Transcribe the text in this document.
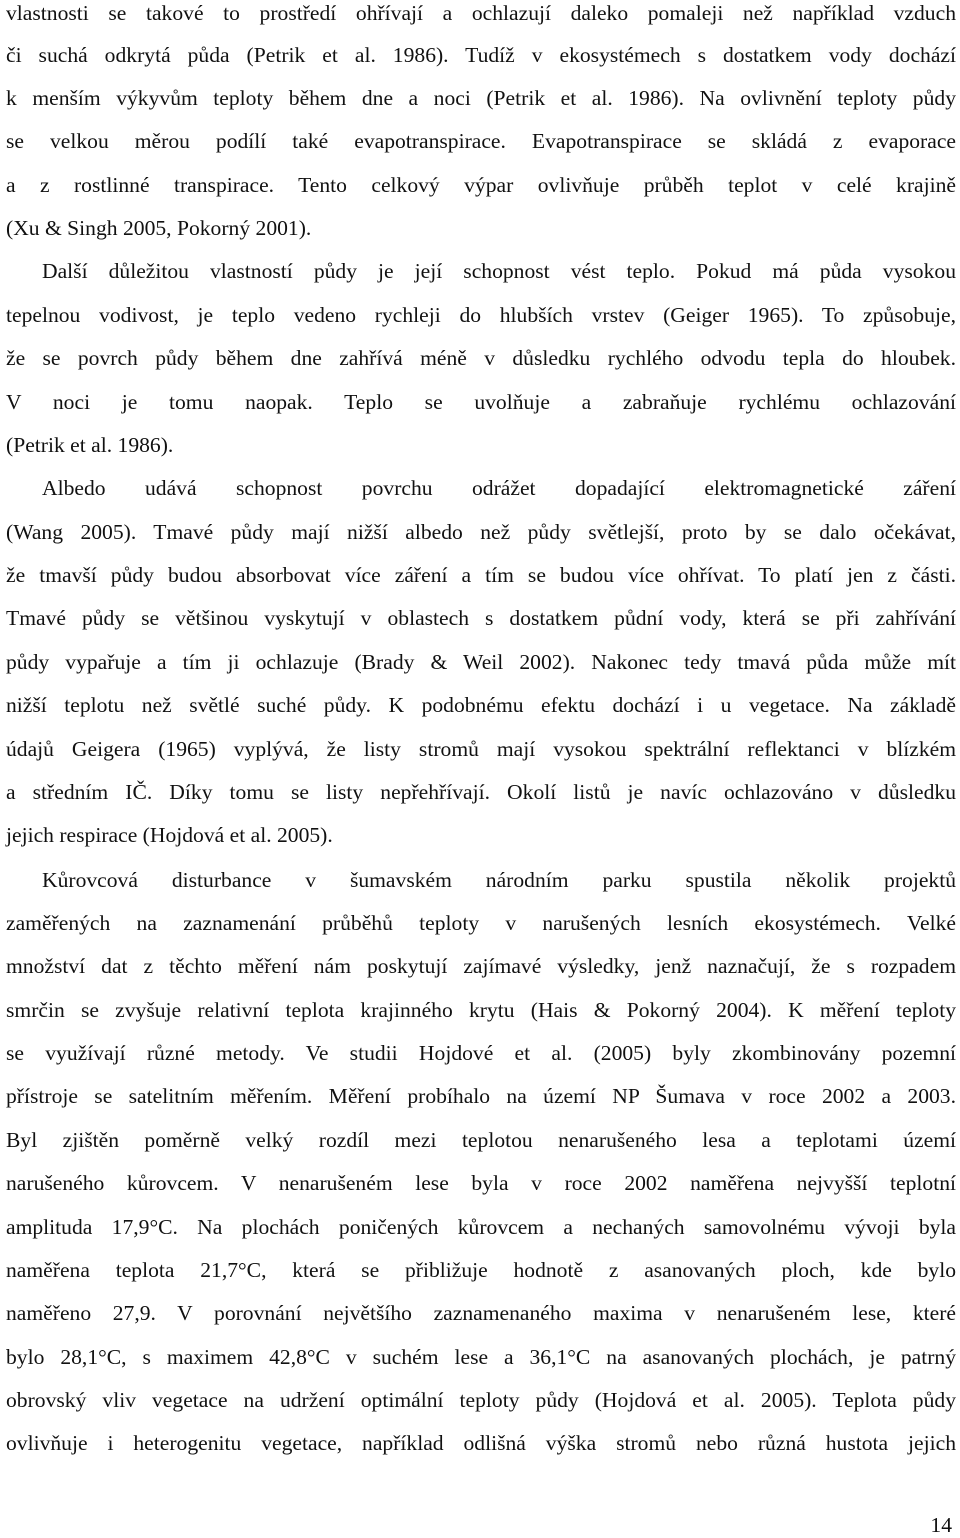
vlastnosti se takové to prostředí ohřívají a ochlazují daleko pomaleji než například vzduch
či suchá odkrytá půda (Petrik et al. 1986). Tudíž v ekosystémech s dostatkem vody dochází
k menším výkyvům teploty během dne a noci (Petrik et al. 1986). Na ovlivnění teploty půdy
se velkou měrou podílí také evapotranspirace. Evapotranspirace se skládá z evaporace
a z rostlinné transpirace. Tento celkový výpar ovlivňuje průběh teplot v celé krajině
(Xu & Singh 2005, Pokorný 2001).
Další důležitou vlastností půdy je její schopnost vést teplo. Pokud má půda vysokou
tepelnou vodivost, je teplo vedeno rychleji do hlubších vrstev (Geiger 1965). To způsobuje,
že se povrch půdy během dne zahřívá méně v důsledku rychlého odvodu tepla do hloubek.
V noci je tomu naopak. Teplo se uvolňuje a zabraňuje rychlému ochlazování
(Petrik et al. 1986).
Albedo udává schopnost povrchu odrážet dopadající elektromagnetické záření
(Wang 2005). Tmavé půdy mají nižší albedo než půdy světlejší, proto by se dalo očekávat,
že tmavší půdy budou absorbovat více záření a tím se budou více ohřívat. To platí jen z části.
Tmavé půdy se většinou vyskytují v oblastech s dostatkem půdní vody, která se při zahřívání
půdy vypařuje a tím ji ochlazuje (Brady & Weil 2002). Nakonec tedy tmavá půda může mít
nižší teplotu než světlé suché půdy. K podobnému efektu dochází i u vegetace. Na základě
údajů Geigera (1965) vyplývá, že listy stromů mají vysokou spektrální reflektanci v blízkém
a středním IČ. Díky tomu se listy nepřehřívají. Okolí listů je navíc ochlazováno v důsledku
jejich respirace (Hojdová et al. 2005).
Kůrovcová disturbance v šumavském národním parku spustila několik projektů
zaměřených na zaznamenání průběhů teploty v narušených lesních ekosystémech. Velké
množství dat z těchto měření nám poskytují zajímavé výsledky, jenž naznačují, že s rozpadem
smrčin se zvyšuje relativní teplota krajinného krytu (Hais & Pokorný 2004). K měření teploty
se využívají různé metody. Ve studii Hojdové et al. (2005) byly zkombinovány pozemní
přístroje se satelitním měřením. Měření probíhalo na území NP Šumava v roce 2002 a 2003.
Byl zjištěn poměrně velký rozdíl mezi teplotou nenarušeného lesa a teplotami území
narušeného kůrovcem. V nenarušeném lese byla v roce 2002 naměřena nejvyšší teplotní
amplituda 17,9°C. Na plochách poničených kůrovcem a nechaných samovolnému vývoji byla
naměřena teplota 21,7°C, která se přibližuje hodnotě z asanovaných ploch, kde bylo
naměřeno 27,9. V porovnání největšího zaznamenaného maxima v nenarušeném lese, které
bylo 28,1°C, s maximem 42,8°C v suchém lese a 36,1°C na asanovaných plochách, je patrný
obrovský vliv vegetace na udržení optimální teploty půdy (Hojdová et al. 2005). Teplota půdy
ovlivňuje i heterogenitu vegetace, například odlišná výška stromů nebo různá hustota jejich
14
